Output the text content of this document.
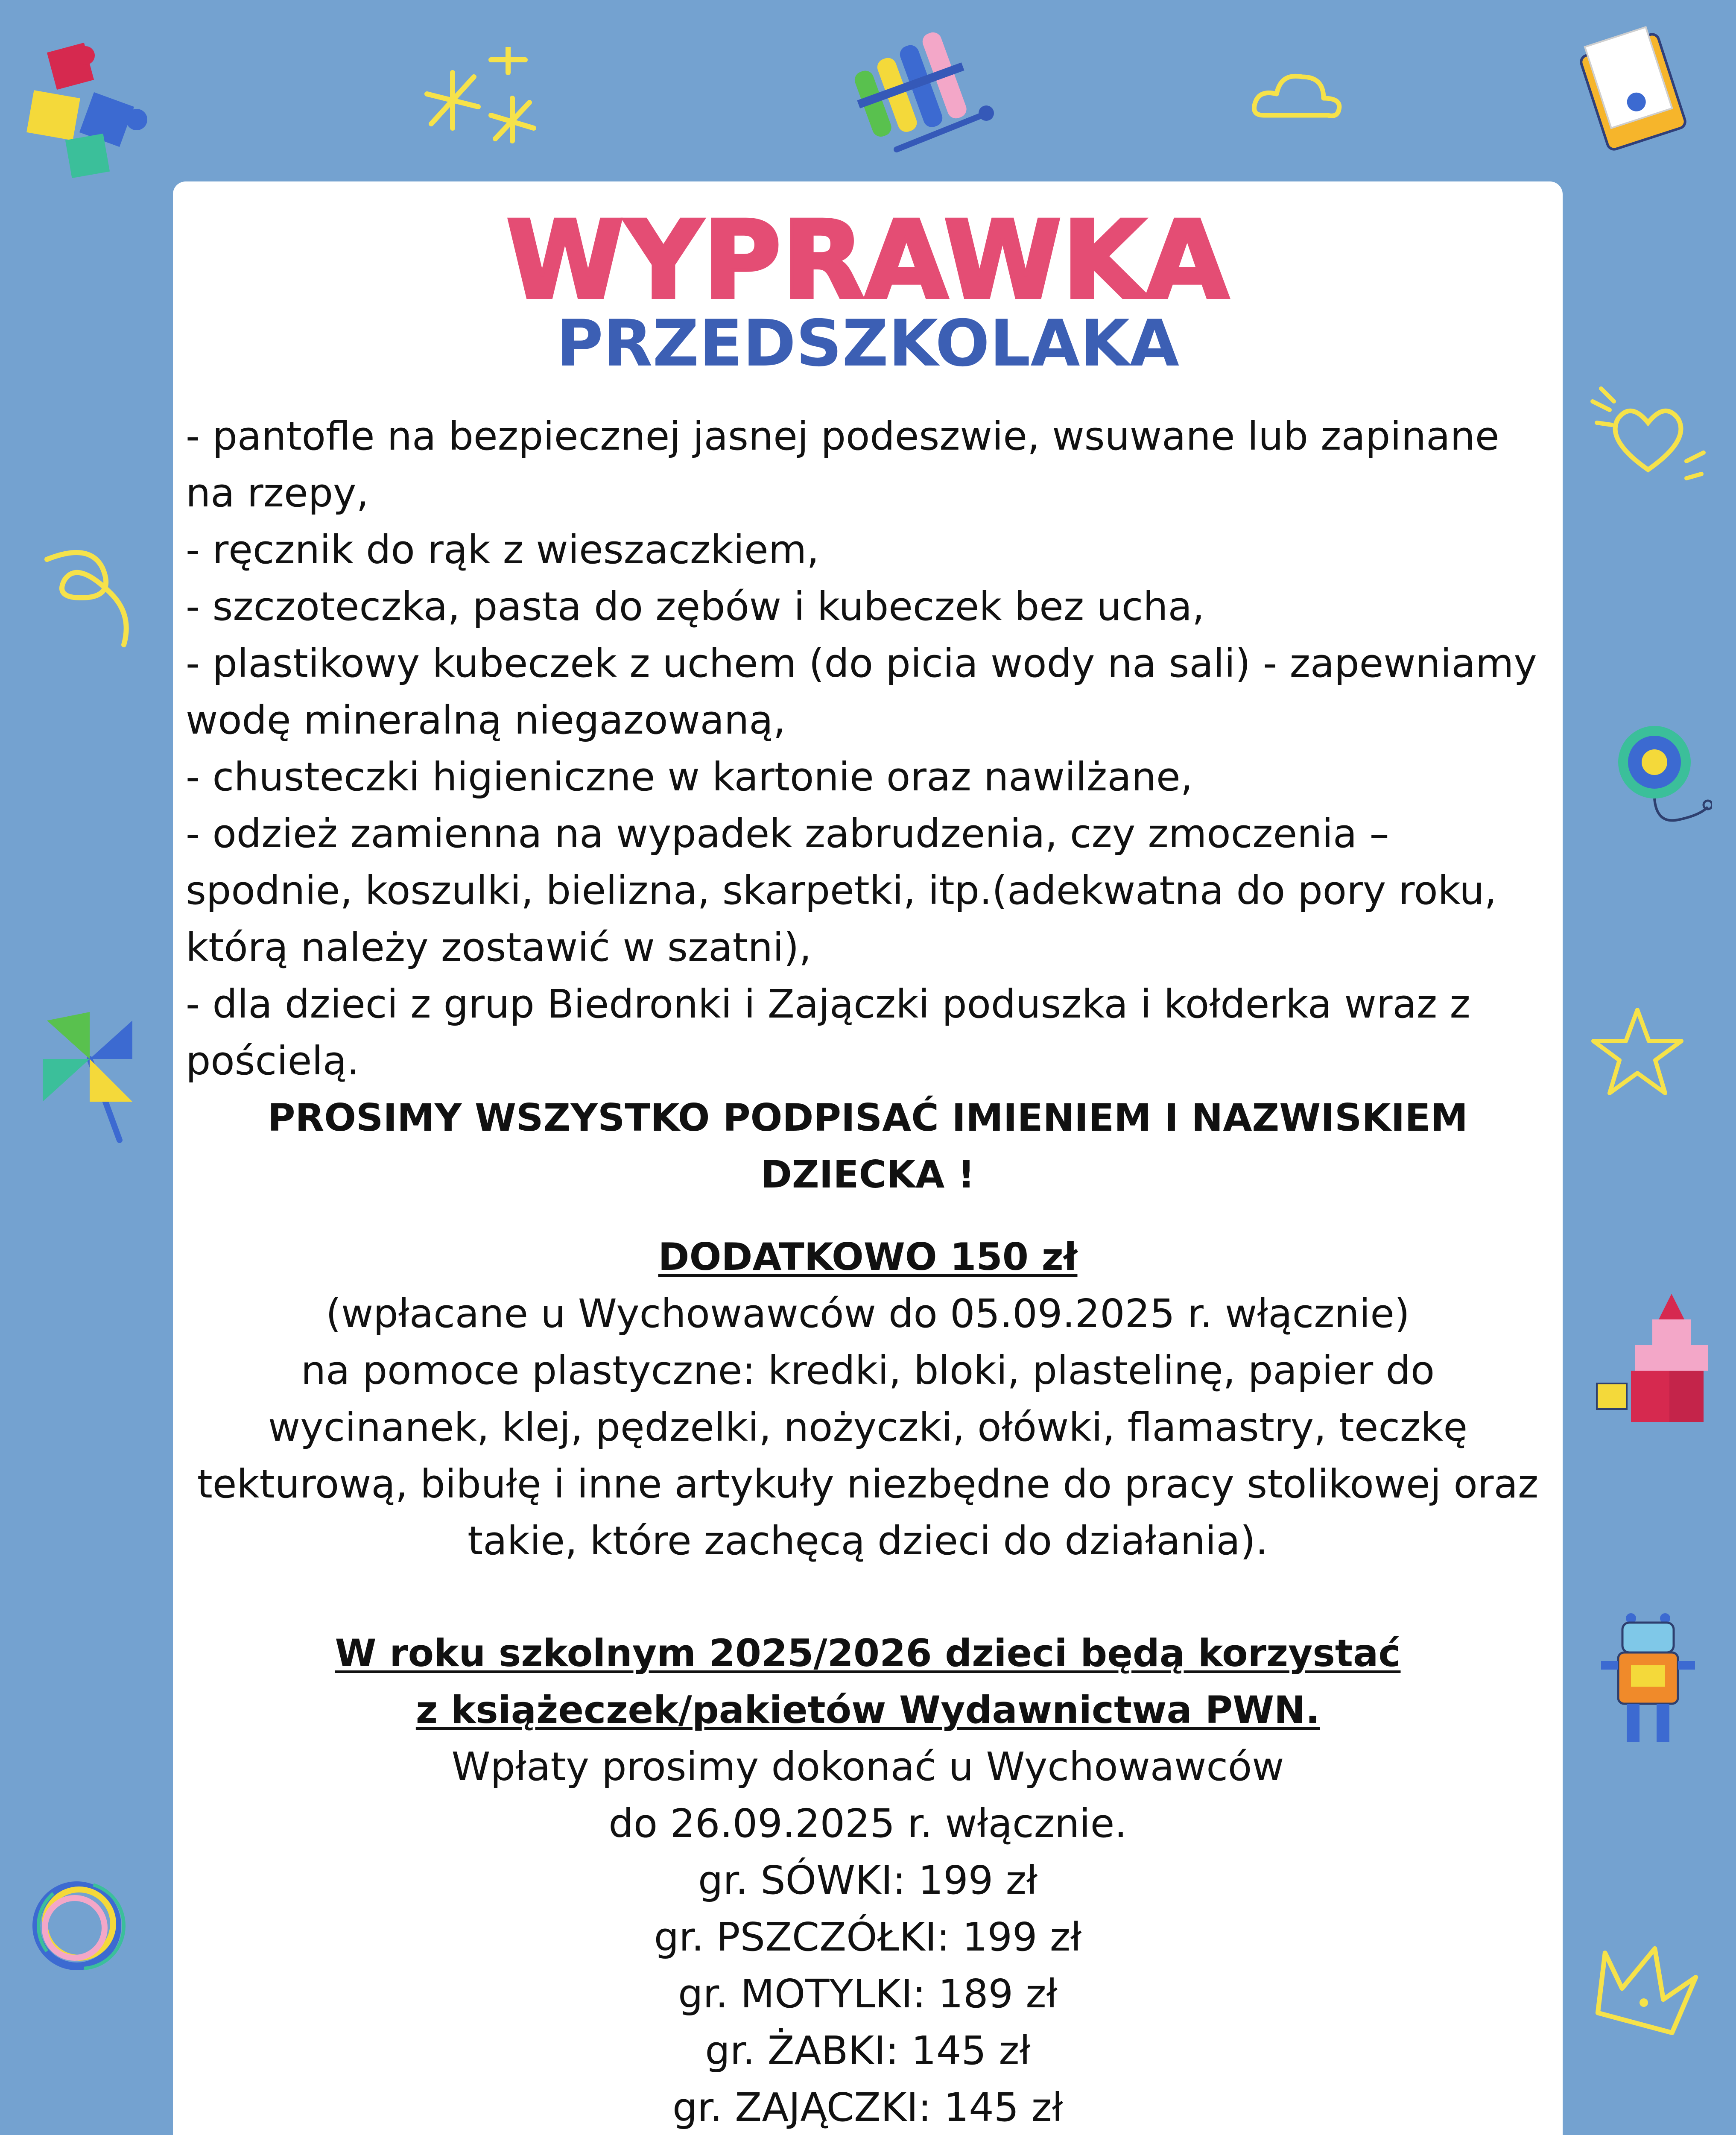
WYPRAWKA
PRZEDSZKOLAKA
- pantofle na bezpiecznej jasnej podeszwie, wsuwane lub zapinane na rzepy,
- ręcznik do rąk z wieszaczkiem,
- szczoteczka, pasta do zębów i kubeczek bez ucha,
- plastikowy kubeczek z uchem (do picia wody na sali) - zapewniamy wodę mineralną niegazowaną,
- chusteczki higieniczne w kartonie oraz nawilżane,
- odzież zamienna na wypadek zabrudzenia, czy zmoczenia – spodnie, koszulki, bielizna, skarpetki, itp.(adekwatna do pory roku, którą należy zostawić w szatni),
- dla dzieci z grup Biedronki i Zajączki poduszka i kołderka wraz z pościelą.
PROSIMY WSZYSTKO PODPISAĆ IMIENIEM I NAZWISKIEM DZIECKA !
DODATKOWO 150 zł
(wpłacane u Wychowawców do 05.09.2025 r. włącznie)
na pomoce plastyczne: kredki, bloki, plastelinę, papier do wycinanek, klej, pędzelki, nożyczki, ołówki, flamastry, teczkę tekturową, bibułę i inne artykuły niezbędne do pracy stolikowej oraz takie, które zachęcą dzieci do działania).
W roku szkolnym 2025/2026 dzieci będą korzystać
z książeczek/pakietów Wydawnictwa PWN.
Wpłaty prosimy dokonać u Wychowawców
do 26.09.2025 r. włącznie.
gr. SÓWKI: 199 zł
gr. PSZCZÓŁKI: 199 zł
gr. MOTYLKI: 189 zł
gr. ŻABKI: 145 zł
gr. ZAJĄCZKI: 145 zł
